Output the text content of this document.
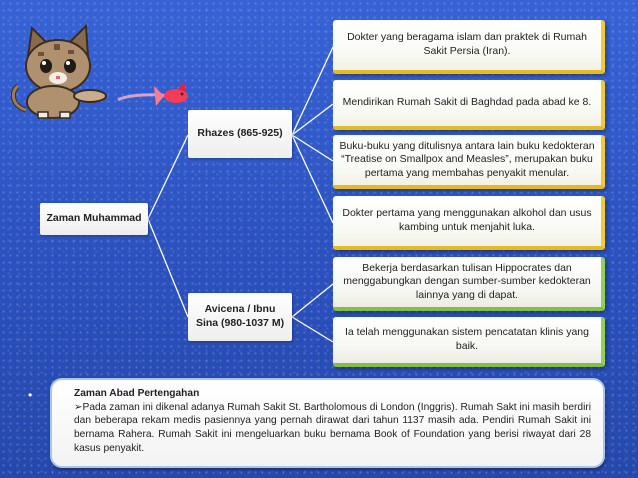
Zaman Muhammad
Rhazes (865-925)
Avicena / Ibnu Sina (980-1037 M)
Dokter yang beragama islam dan praktek di Rumah Sakit Persia (Iran).
Mendirikan Rumah Sakit di Baghdad pada abad ke 8.
Buku-buku yang ditulisnya antara lain buku kedokteran “Treatise on Smallpox and Measles”, merupakan buku pertama yang membahas penyakit menular.
Dokter pertama yang menggunakan alkohol dan usus kambing untuk menjahit luka.
Bekerja berdasarkan tulisan Hippocrates dan menggabungkan dengan sumber-sumber kedokteran lainnya yang di dapat.
Ia telah menggunakan sistem pencatatan klinis yang baik.
•	Zaman Abad Pertengahan
➢Pada zaman ini dikenal adanya Rumah Sakit St. Bartholomous di London (Inggris). Rumah Sakt ini masih berdiri dan beberapa rekam medis pasiennya yang pernah dirawat dari tahun 1137 masih ada. Pendiri Rumah Sakit ini bernama Rahera. Rumah Sakit ini mengeluarkan buku bernama Book of Foundation yang berisi riwayat dari 28 kasus penyakit.
